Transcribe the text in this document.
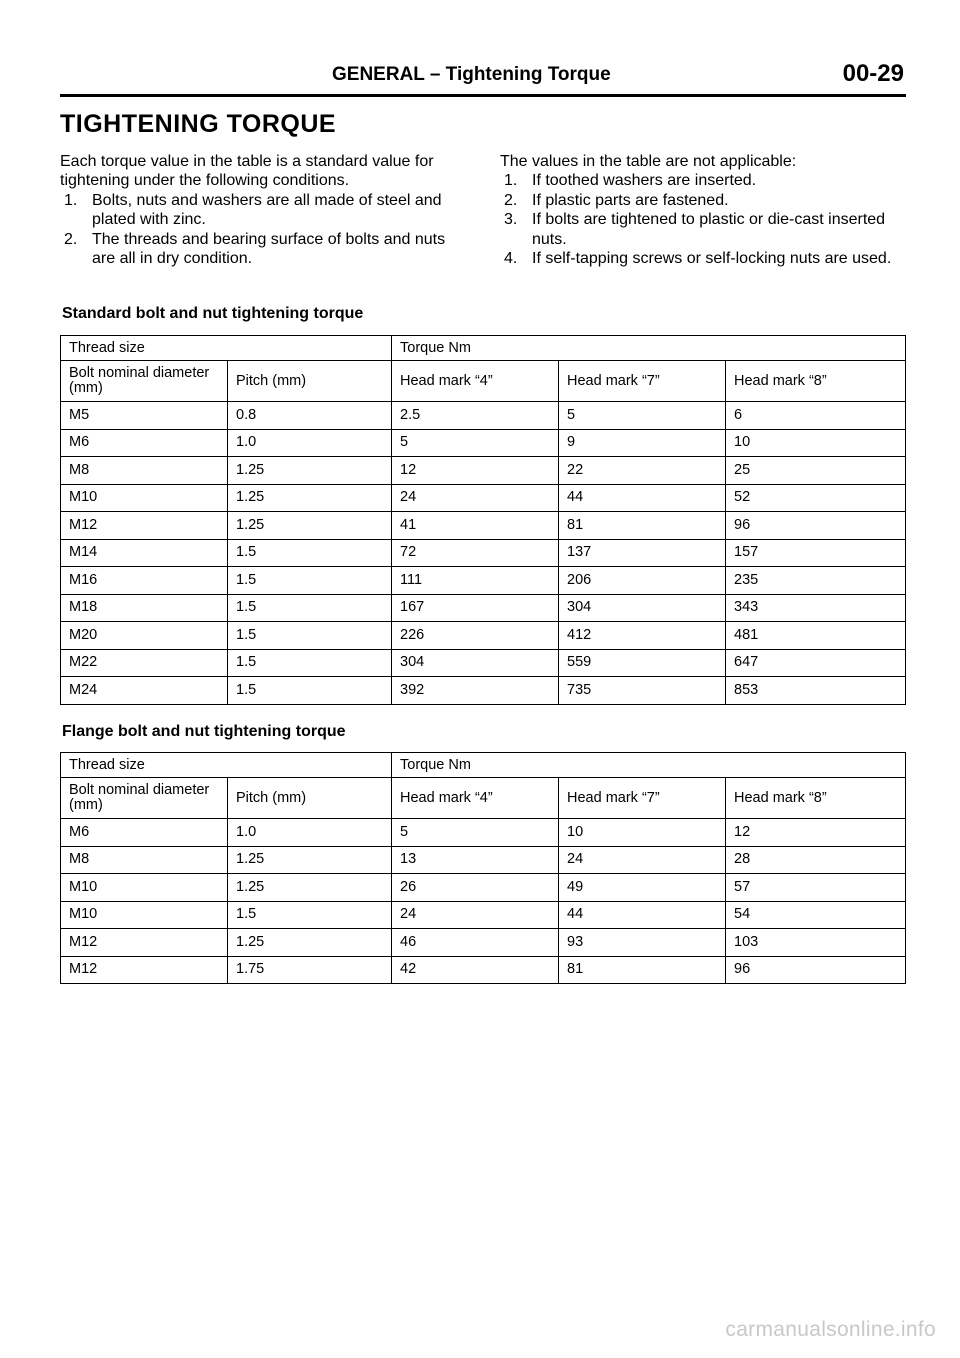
GENERAL – Tightening Torque	00-29
TIGHTENING TORQUE

Each torque value in the table is a standard value for tightening under the following conditions.

1. Bolts, nuts and washers are all made of steel and plated with zinc.
2. The threads and bearing surface of bolts and nuts are all in dry condition.

The values in the table are not applicable:

1. If toothed washers are inserted.
2. If plastic parts are fastened.
3. If bolts are tightened to plastic or die-cast inserted nuts.
4. If self-tapping screws or self-locking nuts are used.
Standard bolt and nut tightening torque
Thread size		Torque Nm		
Bolt nominal diameter (mm)	Pitch (mm)	Head mark “4”	Head mark “7”	Head mark “8”
M5	0.8	2.5	5	6
M6	1.0	5	9	10
M8	1.25	12	22	25
M10	1.25	24	44	52
M12	1.25	41	81	96
M14	1.5	72	137	157
M16	1.5	111	206	235
M18	1.5	167	304	343
M20	1.5	226	412	481
M22	1.5	304	559	647
M24	1.5	392	735	853
Flange bolt and nut tightening torque
Thread size		Torque Nm		
Bolt nominal diameter (mm)	Pitch (mm)	Head mark “4”	Head mark “7”	Head mark “8”
M6	1.0	5	10	12
M8	1.25	13	24	28
M10	1.25	26	49	57
M10	1.5	24	44	54
M12	1.25	46	93	103
M12	1.75	42	81	96
carmanualsonline.info
